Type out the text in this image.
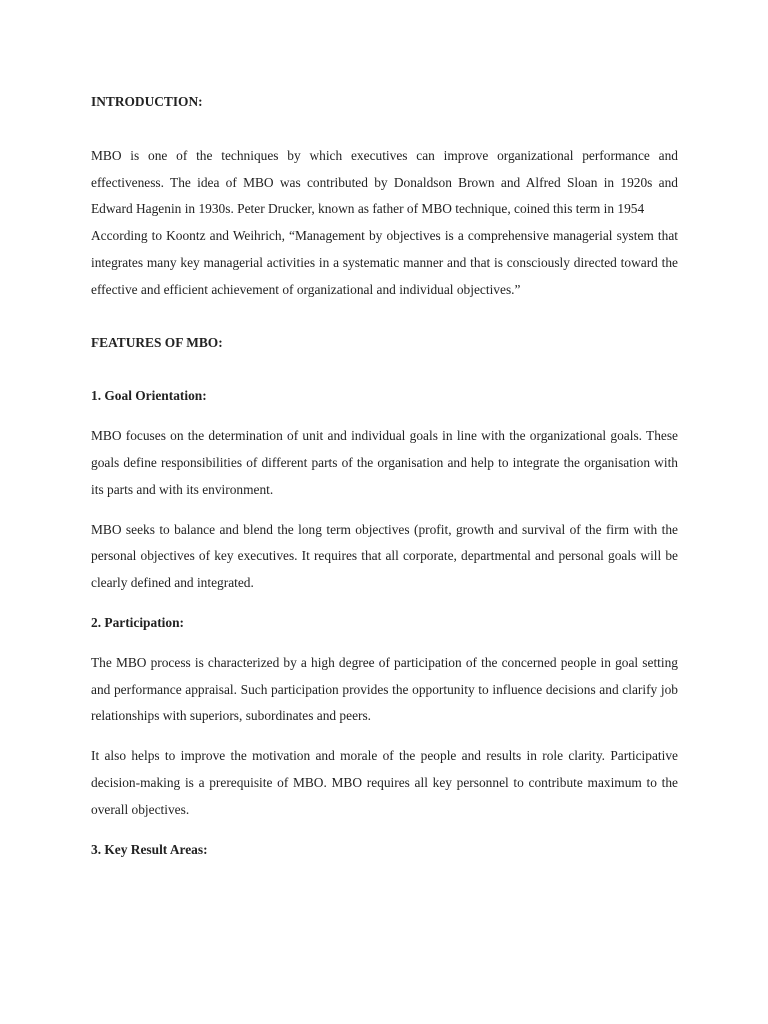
INTRODUCTION:

MBO is one of the techniques by which executives can improve organizational performance and effectiveness. The idea of MBO was contributed by Donaldson Brown and Alfred Sloan in 1920s and Edward Hagenin in 1930s. Peter Drucker, known as father of MBO technique, coined this term in 1954

According to Koontz and Weihrich, “Management by objectives is a comprehensive managerial system that integrates many key managerial activities in a systematic manner and that is consciously directed toward the effective and efficient achievement of organizational and individual objectives.”

FEATURES OF MBO:

1. Goal Orientation:

MBO focuses on the determination of unit and individual goals in line with the organizational goals. These goals define responsibilities of different parts of the organisation and help to integrate the organisation with its parts and with its environment.

MBO seeks to balance and blend the long term objectives (profit, growth and survival of the firm with the personal objectives of key executives. It requires that all corporate, departmental and personal goals will be clearly defined and integrated.

2. Participation:

The MBO process is characterized by a high degree of participation of the concerned people in goal setting and performance appraisal. Such participation provides the opportunity to influence decisions and clarify job relationships with superiors, subordinates and peers.

It also helps to improve the motivation and morale of the people and results in role clarity. Participative decision-making is a prerequisite of MBO. MBO requires all key personnel to contribute maximum to the overall objectives.

3. Key Result Areas:
